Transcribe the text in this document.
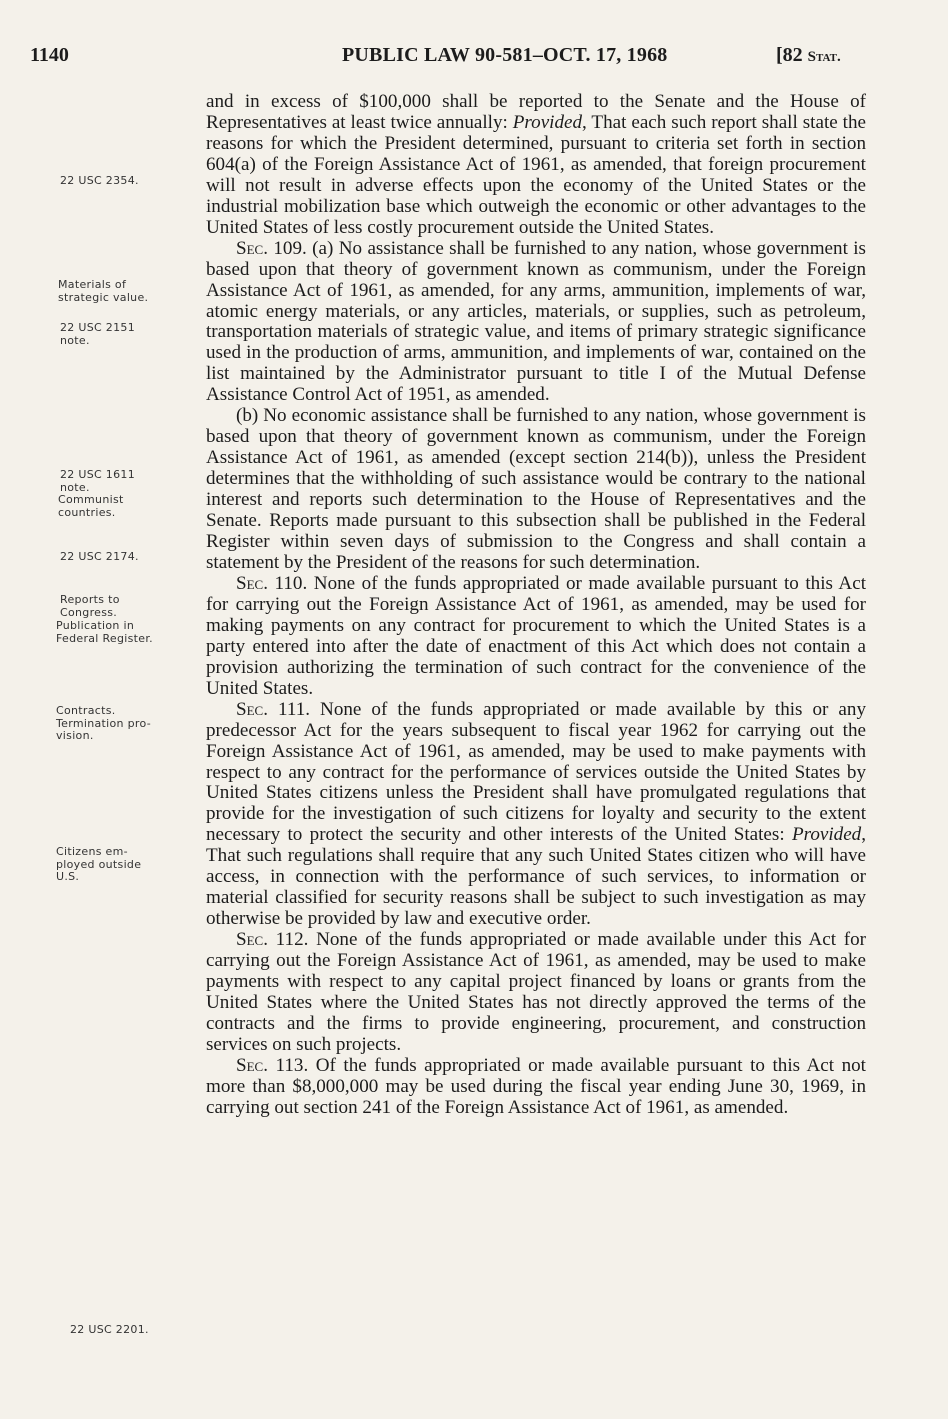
1140	PUBLIC LAW 90-581–OCT. 17, 1968	[82 Stat.
22 USC 2354.
Materials of
strategic value.
22 USC 2151
note.
22 USC 1611
note.
Communist
countries.
22 USC 2174.
Reports to
Congress.
Publication in
Federal Register.
Contracts.
Termination pro-
vision.
Citizens em-
ployed outside
U.S.
22 USC 2201.

and in excess of $100,000 shall be reported to the Senate and the House of Representatives at least twice annually: Provided, That each such report shall state the reasons for which the President determined, pursuant to criteria set forth in section 604(a) of the Foreign Assistance Act of 1961, as amended, that foreign procurement will not result in adverse effects upon the economy of the United States or the industrial mobilization base which outweigh the economic or other advantages to the United States of less costly procurement outside the United States.

Sec. 109. (a) No assistance shall be furnished to any nation, whose government is based upon that theory of government known as communism, under the Foreign Assistance Act of 1961, as amended, for any arms, ammunition, implements of war, atomic energy materials, or any articles, materials, or supplies, such as petroleum, transportation materials of strategic value, and items of primary strategic significance used in the production of arms, ammunition, and implements of war, contained on the list maintained by the Administrator pursuant to title I of the Mutual Defense Assistance Control Act of 1951, as amended.

(b) No economic assistance shall be furnished to any nation, whose government is based upon that theory of government known as communism, under the Foreign Assistance Act of 1961, as amended (except section 214(b)), unless the President determines that the withholding of such assistance would be contrary to the national interest and reports such determination to the House of Representatives and the Senate. Reports made pursuant to this subsection shall be published in the Federal Register within seven days of submission to the Congress and shall contain a statement by the President of the reasons for such determination.

Sec. 110. None of the funds appropriated or made available pursuant to this Act for carrying out the Foreign Assistance Act of 1961, as amended, may be used for making payments on any contract for procurement to which the United States is a party entered into after the date of enactment of this Act which does not contain a provision authorizing the termination of such contract for the convenience of the United States.

Sec. 111. None of the funds appropriated or made available by this or any predecessor Act for the years subsequent to fiscal year 1962 for carrying out the Foreign Assistance Act of 1961, as amended, may be used to make payments with respect to any contract for the performance of services outside the United States by United States citizens unless the President shall have promulgated regulations that provide for the investigation of such citizens for loyalty and security to the extent necessary to protect the security and other interests of the United States: Provided, That such regulations shall require that any such United States citizen who will have access, in connection with the performance of such services, to information or material classified for security reasons shall be subject to such investigation as may otherwise be provided by law and executive order.

Sec. 112. None of the funds appropriated or made available under this Act for carrying out the Foreign Assistance Act of 1961, as amended, may be used to make payments with respect to any capital project financed by loans or grants from the United States where the United States has not directly approved the terms of the contracts and the firms to provide engineering, procurement, and construction services on such projects.

Sec. 113. Of the funds appropriated or made available pursuant to this Act not more than $8,000,000 may be used during the fiscal year ending June 30, 1969, in carrying out section 241 of the Foreign Assistance Act of 1961, as amended.
